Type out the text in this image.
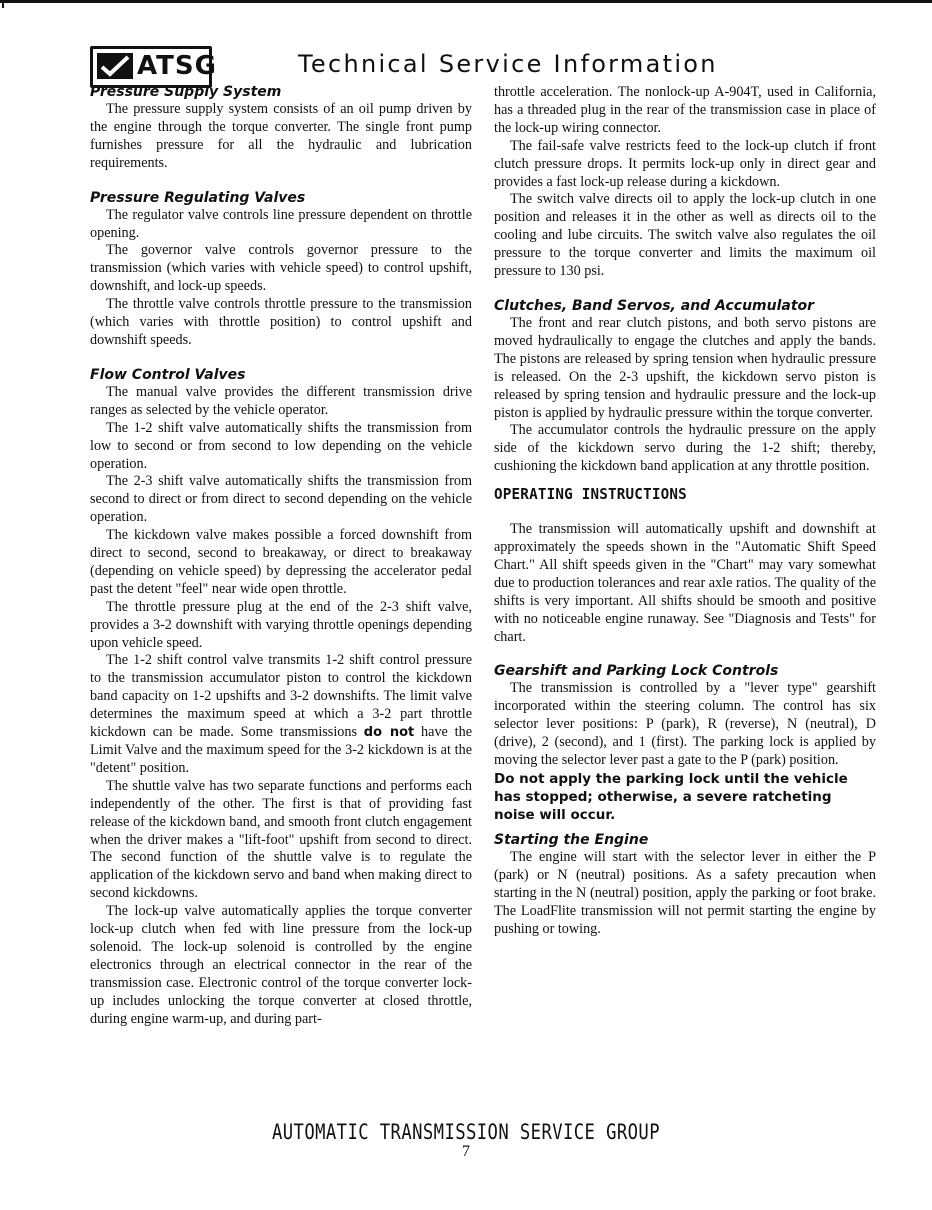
ATSG	Technical Service Information
Pressure Supply System

The pressure supply system consists of an oil pump driven by the engine through the torque converter. The single front pump furnishes pressure for all the hydraulic and lubrication requirements.

Pressure Regulating Valves

The regulator valve controls line pressure dependent on throttle opening.

The governor valve controls governor pressure to the transmission (which varies with vehicle speed) to control upshift, downshift, and lock-up speeds.

The throttle valve controls throttle pressure to the transmission (which varies with throttle position) to control upshift and downshift speeds.

Flow Control Valves

The manual valve provides the different transmission drive ranges as selected by the vehicle operator.

The 1-2 shift valve automatically shifts the transmission from low to second or from second to low depending on the vehicle operation.

The 2-3 shift valve automatically shifts the transmission from second to direct or from direct to second depending on the vehicle operation.

The kickdown valve makes possible a forced downshift from direct to second, second to breakaway, or direct to breakaway (depending on vehicle speed) by depressing the accelerator pedal past the detent "feel" near wide open throttle.

The throttle pressure plug at the end of the 2-3 shift valve, provides a 3-2 downshift with varying throttle openings depending upon vehicle speed.

The 1-2 shift control valve transmits 1-2 shift control pressure to the transmission accumulator piston to control the kickdown band capacity on 1-2 upshifts and 3-2 downshifts. The limit valve determines the maximum speed at which a 3-2 part throttle kickdown can be made. Some transmissions do not have the Limit Valve and the maximum speed for the 3-2 kickdown is at the "detent" position.

The shuttle valve has two separate functions and performs each independently of the other. The first is that of providing fast release of the kickdown band, and smooth front clutch engagement when the driver makes a "lift-foot" upshift from second to direct. The second function of the shuttle valve is to regulate the application of the kickdown servo and band when making direct to second kickdowns.

The lock-up valve automatically applies the torque converter lock-up clutch when fed with line pressure from the lock-up solenoid. The lock-up solenoid is controlled by the engine electronics through an electrical connector in the rear of the transmission case. Electronic control of the torque converter lock-up includes unlocking the torque converter at closed throttle, during engine warm-up, and during part-

throttle acceleration. The nonlock-up A-904T, used in California, has a threaded plug in the rear of the transmission case in place of the lock-up wiring connector.

The fail-safe valve restricts feed to the lock-up clutch if front clutch pressure drops. It permits lock-up only in direct gear and provides a fast lock-up release during a kickdown.

The switch valve directs oil to apply the lock-up clutch in one position and releases it in the other as well as directs oil to the cooling and lube circuits. The switch valve also regulates the oil pressure to the torque converter and limits the maximum oil pressure to 130 psi.

Clutches, Band Servos, and Accumulator

The front and rear clutch pistons, and both servo pistons are moved hydraulically to engage the clutches and apply the bands. The pistons are released by spring tension when hydraulic pressure is released. On the 2-3 upshift, the kickdown servo piston is released by spring tension and hydraulic pressure and the lock-up piston is applied by hydraulic pressure within the torque converter.

The accumulator controls the hydraulic pressure on the apply side of the kickdown servo during the 1-2 shift; thereby, cushioning the kickdown band application at any throttle position.

OPERATING INSTRUCTIONS

The transmission will automatically upshift and downshift at approximately the speeds shown in the "Automatic Shift Speed Chart." All shift speeds given in the "Chart" may vary somewhat due to production tolerances and rear axle ratios. The quality of the shifts is very important. All shifts should be smooth and positive with no noticeable engine runaway. See "Diagnosis and Tests" for chart.

Gearshift and Parking Lock Controls

The transmission is controlled by a "lever type" gearshift incorporated within the steering column. The control has six selector lever positions: P (park), R (reverse), N (neutral), D (drive), 2 (second), and 1 (first). The parking lock is applied by moving the selector lever past a gate to the P (park) position.

Do not apply the parking lock until the vehicle has stopped; otherwise, a severe ratcheting noise will occur.
Starting the Engine

The engine will start with the selector lever in either the P (park) or N (neutral) positions. As a safety precaution when starting in the N (neutral) position, apply the parking or foot brake. The LoadFlite transmission will not permit starting the engine by pushing or towing.

AUTOMATIC TRANSMISSION SERVICE GROUP
7
